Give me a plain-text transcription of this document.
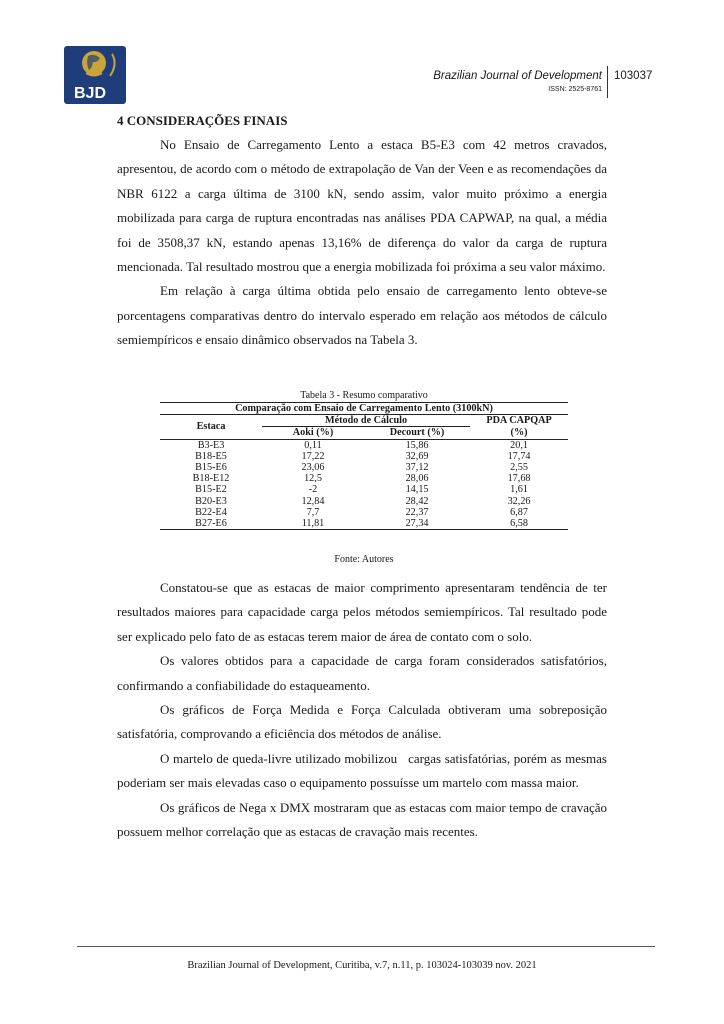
BJD
Brazilian Journal of Development
ISSN: 2525-8761
103037
4 CONSIDERAÇÕES FINAIS

No Ensaio de Carregamento Lento a estaca B5-E3 com 42 metros cravados, apresentou, de acordo com o método de extrapolação de Van der Veen e as recomendações da NBR 6122 a carga última de 3100 kN, sendo assim, valor muito próximo a energia mobilizada para carga de ruptura encontradas nas análises PDA CAPWAP, na qual, a média foi de 3508,37 kN, estando apenas 13,16% de diferença do valor da carga de ruptura mencionada. Tal resultado mostrou que a energia mobilizada foi próxima a seu valor máximo.

Em relação à carga última obtida pelo ensaio de carregamento lento obteve-se porcentagens comparativas dentro do intervalo esperado em relação aos métodos de cálculo semiempíricos e ensaio dinâmico observados na Tabela 3.

Tabela 3 - Resumo comparativo
Comparação com Ensaio de Carregamento Lento (3100kN)			
Estaca	Método de Cálculo		PDA CAPQAP
	Aoki (%)	Decourt (%)	(%)
B3-E3	0,11	15,86	20,1
B18-E5	17,22	32,69	17,74
B15-E6	23,06	37,12	2,55
B18-E12	12,5	28,06	17,68
B15-E2	-2	14,15	1,61
B20-E3	12,84	28,42	32,26
B22-E4	7,7	22,37	6,87
B27-E6	11,81	27,34	6,58
Fonte: Autores

Constatou-se que as estacas de maior comprimento apresentaram tendência de ter resultados maiores para capacidade carga pelos métodos semiempíricos. Tal resultado pode ser explicado pelo fato de as estacas terem maior de área de contato com o solo.

Os valores obtidos para a capacidade de carga foram considerados satisfatórios, confirmando a confiabilidade do estaqueamento.

Os gráficos de Força Medida e Força Calculada obtiveram uma sobreposição satisfatória, comprovando a eficiência dos métodos de análise.

O martelo de queda-livre utilizado mobilizou   cargas satisfatórias, porém as mesmas poderiam ser mais elevadas caso o equipamento possuísse um martelo com massa maior.

Os gráficos de Nega x DMX mostraram que as estacas com maior tempo de cravação possuem melhor correlação que as estacas de cravação mais recentes.

Brazilian Journal of Development, Curitiba, v.7, n.11, p. 103024-103039 nov. 2021
